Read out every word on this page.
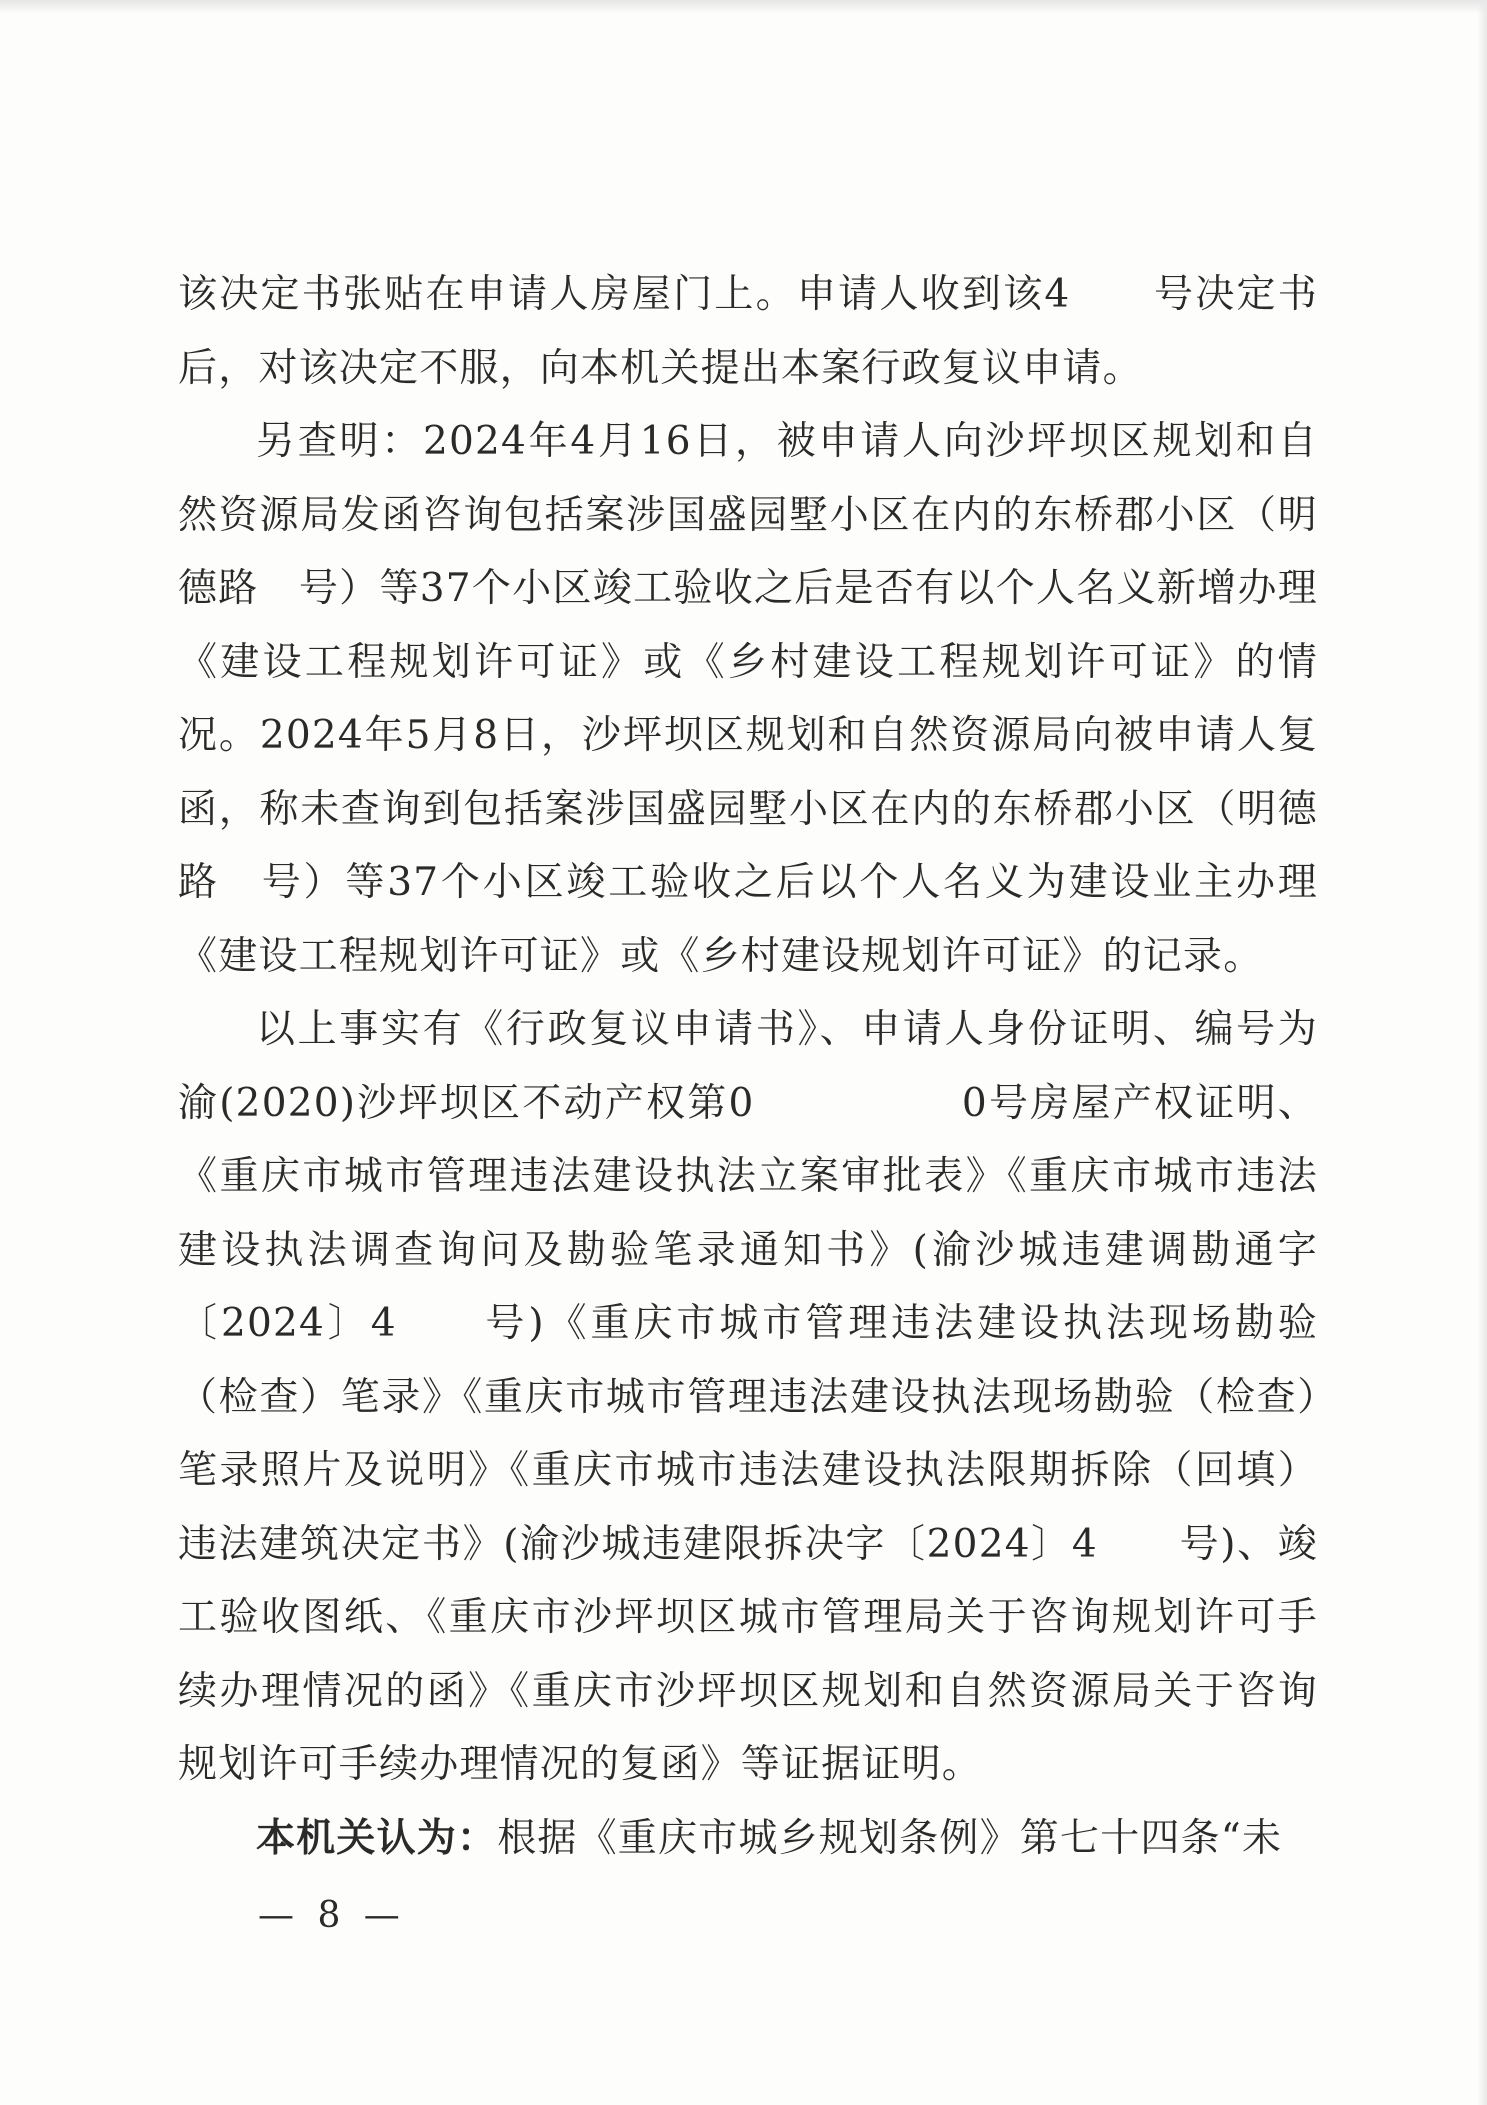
该决定书张贴在申请人房屋门上。申请人收到该4　　号决定书后，对该决定不服，向本机关提出本案行政复议申请。

另查明：2024年4月16日，被申请人向沙坪坝区规划和自然资源局发函咨询包括案涉国盛园墅小区在内的东桥郡小区（明德路　号）等37个小区竣工验收之后是否有以个人名义新增办理《建设工程规划许可证》或《乡村建设工程规划许可证》的情况。2024年5月8日，沙坪坝区规划和自然资源局向被申请人复函，称未查询到包括案涉国盛园墅小区在内的东桥郡小区（明德路　号）等37个小区竣工验收之后以个人名义为建设业主办理《建设工程规划许可证》或《乡村建设规划许可证》的记录。

以上事实有《行政复议申请书》、申请人身份证明、编号为渝(2020)沙坪坝区不动产权第0　　　　　0号房屋产权证明、《重庆市城市管理违法建设执法立案审批表》《重庆市城市违法建设执法调查询问及勘验笔录通知书》(渝沙城违建调勘通字〔2024〕4　　号)《重庆市城市管理违法建设执法现场勘验（检查）笔录》《重庆市城市管理违法建设执法现场勘验（检查）笔录照片及说明》《重庆市城市违法建设执法限期拆除（回填）违法建筑决定书》(渝沙城违建限拆决字〔2024〕4　　号)、竣工验收图纸、《重庆市沙坪坝区城市管理局关于咨询规划许可手续办理情况的函》《重庆市沙坪坝区规划和自然资源局关于咨询规划许可手续办理情况的复函》等证据证明。

本机关认为：根据《重庆市城乡规划条例》第七十四条“未

— 8 —
